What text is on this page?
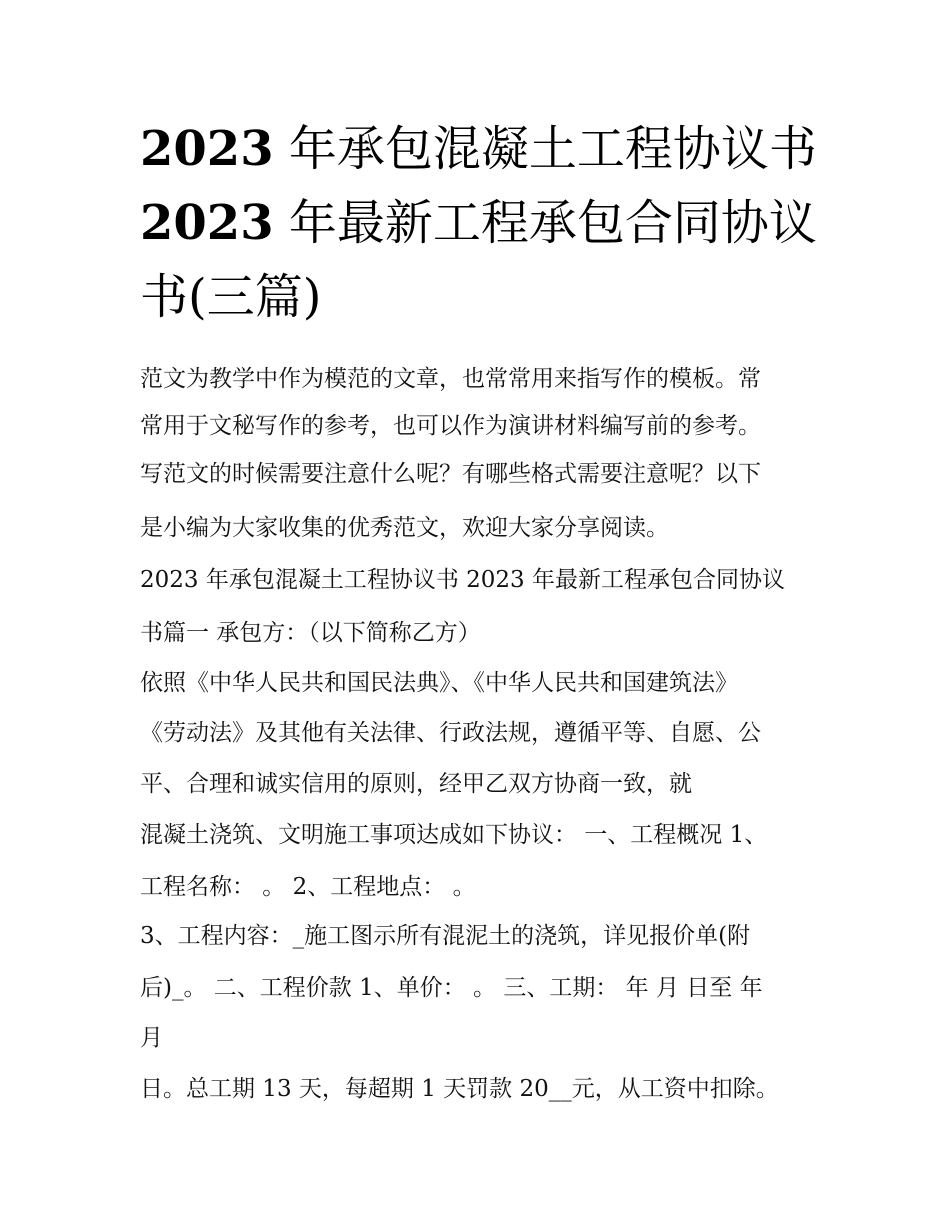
2023 年承包混凝土工程协议书
2023 年最新工程承包合同协议
书(三篇)

范文为教学中作为模范的文章，也常常用来指写作的模板。常

常用于文秘写作的参考，也可以作为演讲材料编写前的参考。

写范文的时候需要注意什么呢？有哪些格式需要注意呢？以下

是小编为大家收集的优秀范文，欢迎大家分享阅读。

2023 年承包混凝土工程协议书 2023 年最新工程承包合同协议

书篇一 承包方：（以下简称乙方）

依照《中华人民共和国民法典》、《中华人民共和国建筑法》

《劳动法》及其他有关法律、行政法规，遵循平等、自愿、公

平、合理和诚实信用的原则，经甲乙双方协商一致，就

混凝土浇筑、文明施工事项达成如下协议： 一、工程概况 1、

工程名称： 。 2、工程地点： 。

3、工程内容：_施工图示所有混泥土的浇筑，详见报价单(附

后)_。 二、工程价款 1、单价： 。 三、工期： 年 月 日至 年

月

日。总工期 13 天，每超期 1 天罚款 20__元，从工资中扣除。
